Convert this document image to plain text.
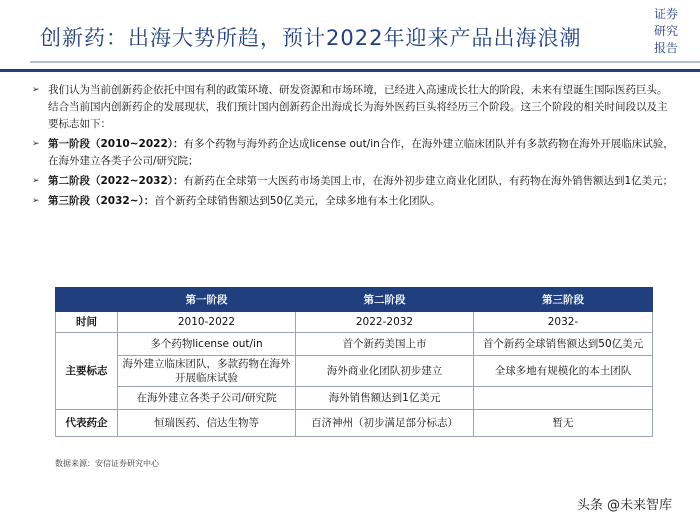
创新药：出海大势所趋，预计2022年迎来产品出海浪潮
证券
研究
报告
➢ 我们认为当前创新药企依托中国有利的政策环境、研发资源和市场环境，已经进入高速成长壮大的阶段，未来有望诞生国际医药巨头。结合当前国内创新药企的发展现状，我们预计国内创新药企出海成长为海外医药巨头将经历三个阶段。这三个阶段的相关时间段以及主要标志如下：
➢ 第一阶段（2010~2022）：有多个药物与海外药企达成license out/in合作，在海外建立临床团队并有多款药物在海外开展临床试验，在海外建立各类子公司/研究院；
➢ 第二阶段（2022~2032）：有新药在全球第一大医药市场美国上市，在海外初步建立商业化团队，有药物在海外销售额达到1亿美元；
➢ 第三阶段（2032~）：首个新药全球销售额达到50亿美元，全球多地有本土化团队。
	第一阶段	第二阶段	第三阶段
时间	2010-2022	2022-2032	2032-
主要标志	多个药物license out/in	首个新药美国上市	首个新药全球销售额达到50亿美元
	海外建立临床团队，多款药物在海外开展临床试验	海外商业化团队初步建立	全球多地有规模化的本土团队
	在海外建立各类子公司/研究院	海外销售额达到1亿美元	
代表药企	恒瑞医药、信达生物等	百济神州（初步满足部分标志）	暂无
数据来源：安信证券研究中心
头条 @未来智库
